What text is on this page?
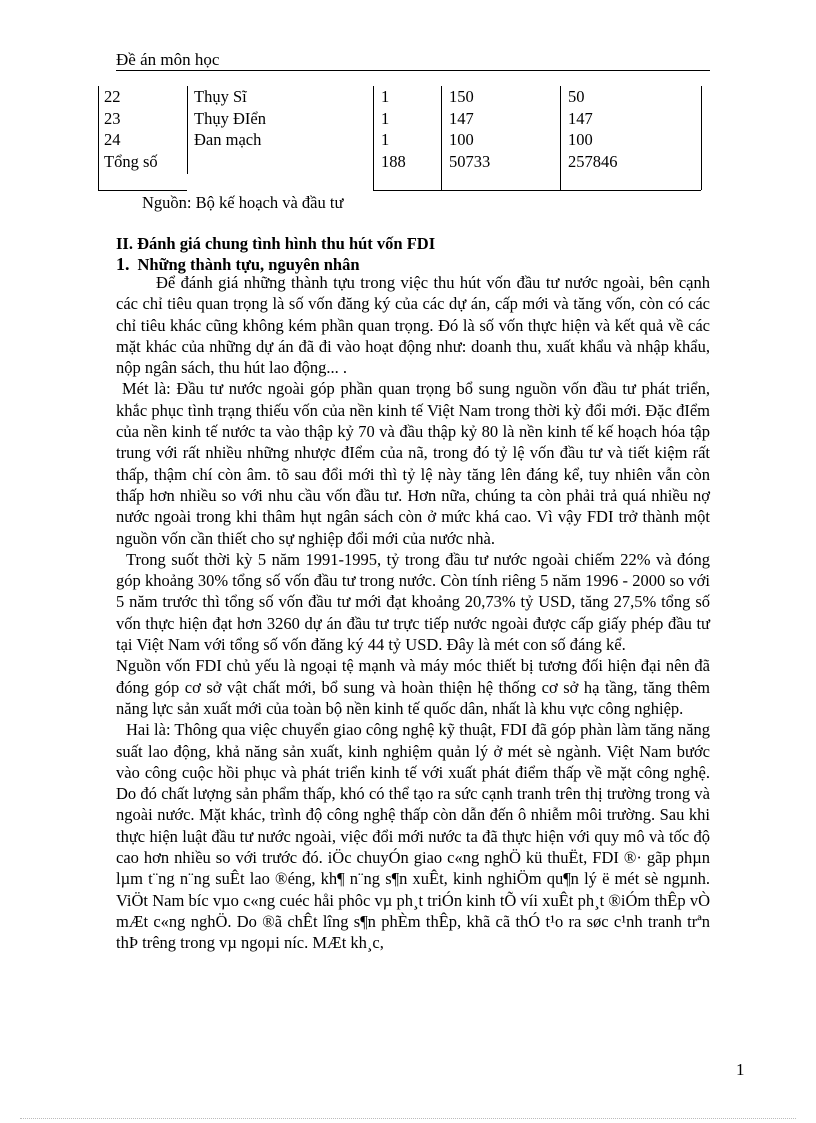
Đề án môn học
22
23
24
Tổng số
Thụy Sĩ
Thụy ĐIển
Đan mạch
1
1
1
188
150
147
100
50733
50
147
100
257846
Nguồn: Bộ kế hoạch và đầu tư
II. Đánh giá chung tình hình thu hút vốn FDI
1. Những thành tựu, nguyên nhân

Để đánh giá những thành tựu trong việc thu hút vốn đầu tư nước ngoài, bên cạnh các chỉ tiêu quan trọng là số vốn đăng ký của các dự án, cấp mới và tăng vốn, còn có các chỉ tiêu khác cũng không kém phần quan trọng. Đó là số vốn thực hiện và kết quả về các mặt khác của những dự án đã đi vào hoạt động như: doanh thu, xuất khẩu và nhập khẩu, nộp ngân sách, thu hút lao động... .

Mét là: Đầu tư nước ngoài góp phần quan trọng bổ sung nguồn vốn đầu tư phát triển, khắc phục tình trạng thiếu vốn của nền kinh tế Việt Nam trong thời kỳ đổi mới. Đặc đIểm của nền kinh tế nước ta vào thập kỷ 70 và đầu thập kỷ 80 là nền kinh tế kế hoạch hóa tập trung với rất nhiều những nhược đIểm của nã, trong đó tỷ lệ vốn đầu tư và tiết kiệm rất thấp, thậm chí còn âm. tõ sau đổi mới thì tỷ lệ này tăng lên đáng kể, tuy nhiên vẫn còn thấp hơn nhiều so với nhu cầu vốn đầu tư. Hơn nữa, chúng ta còn phải trả quá nhiều nợ nước ngoài trong khi thâm hụt ngân sách còn ở mức khá cao. Vì vậy FDI trở thành một nguồn vốn cần thiết cho sự nghiệp đổi mới của nước nhà.

Trong suốt thời kỳ 5 năm 1991-1995, tỷ trong đầu tư nước ngoài chiếm 22% và đóng góp khoảng 30% tổng số vốn đầu tư trong nước. Còn tính riêng 5 năm 1996 - 2000 so với 5 năm trước thì tổng số vốn đầu tư mới đạt khoảng 20,73% tỷ USD, tăng 27,5% tổng số vốn thực hiện đạt hơn 3260 dự án đầu tư trực tiếp nước ngoài được cấp giấy phép đầu tư tại Việt Nam với tổng số vốn đăng ký 44 tỷ USD. Đây là mét con số đáng kể.

Nguồn vốn FDI chủ yếu là ngoại tệ mạnh và máy móc thiết bị tương đối hiện đại nên đã đóng góp cơ sở vật chất mới, bổ sung và hoàn thiện hệ thống cơ sở hạ tầng, tăng thêm năng lực sản xuất mới của toàn bộ nền kinh tế quốc dân, nhất là khu vực công nghiệp.

Hai là: Thông qua việc chuyển giao công nghệ kỹ thuật, FDI đã góp phàn làm tăng năng suất lao động, khả năng sản xuất, kinh nghiệm quản lý ở mét sè ngành. Việt Nam bước vào công cuộc hồi phục và phát triển kinh tế với xuất phát điểm thấp về mặt công nghệ. Do đó chất lượng sản phẩm thấp, khó có thể tạo ra sức cạnh tranh trên thị trường trong và ngoài nước. Mặt khác, trình độ công nghệ thấp còn dẫn đến ô nhiễm môi trường. Sau khi thực hiện luật đầu tư nước ngoài, việc đổi mới nước ta đã thực hiện với quy mô và tốc độ cao hơn nhiều so với trước đó. iÖc chuyÓn giao c«ng nghÖ kü thuËt, FDI ®· gãp phµn lµm t¨ng n¨ng suÊt lao ®éng, kh¶ n¨ng s¶n xuÊt, kinh nghiÖm qu¶n lý ë mét sè ngµnh. ViÖt Nam bíc vµo c«ng cuéc håi phôc vµ ph¸t triÓn kinh tÕ víi xuÊt ph¸t ®iÓm thÊp vÒ mÆt c«ng nghÖ. Do ®ã chÊt lîng s¶n phÈm thÊp, khã cã thÓ t¹o ra søc c¹nh tranh trªn thÞ trêng trong vµ ngoµi níc. MÆt kh¸c,

1
